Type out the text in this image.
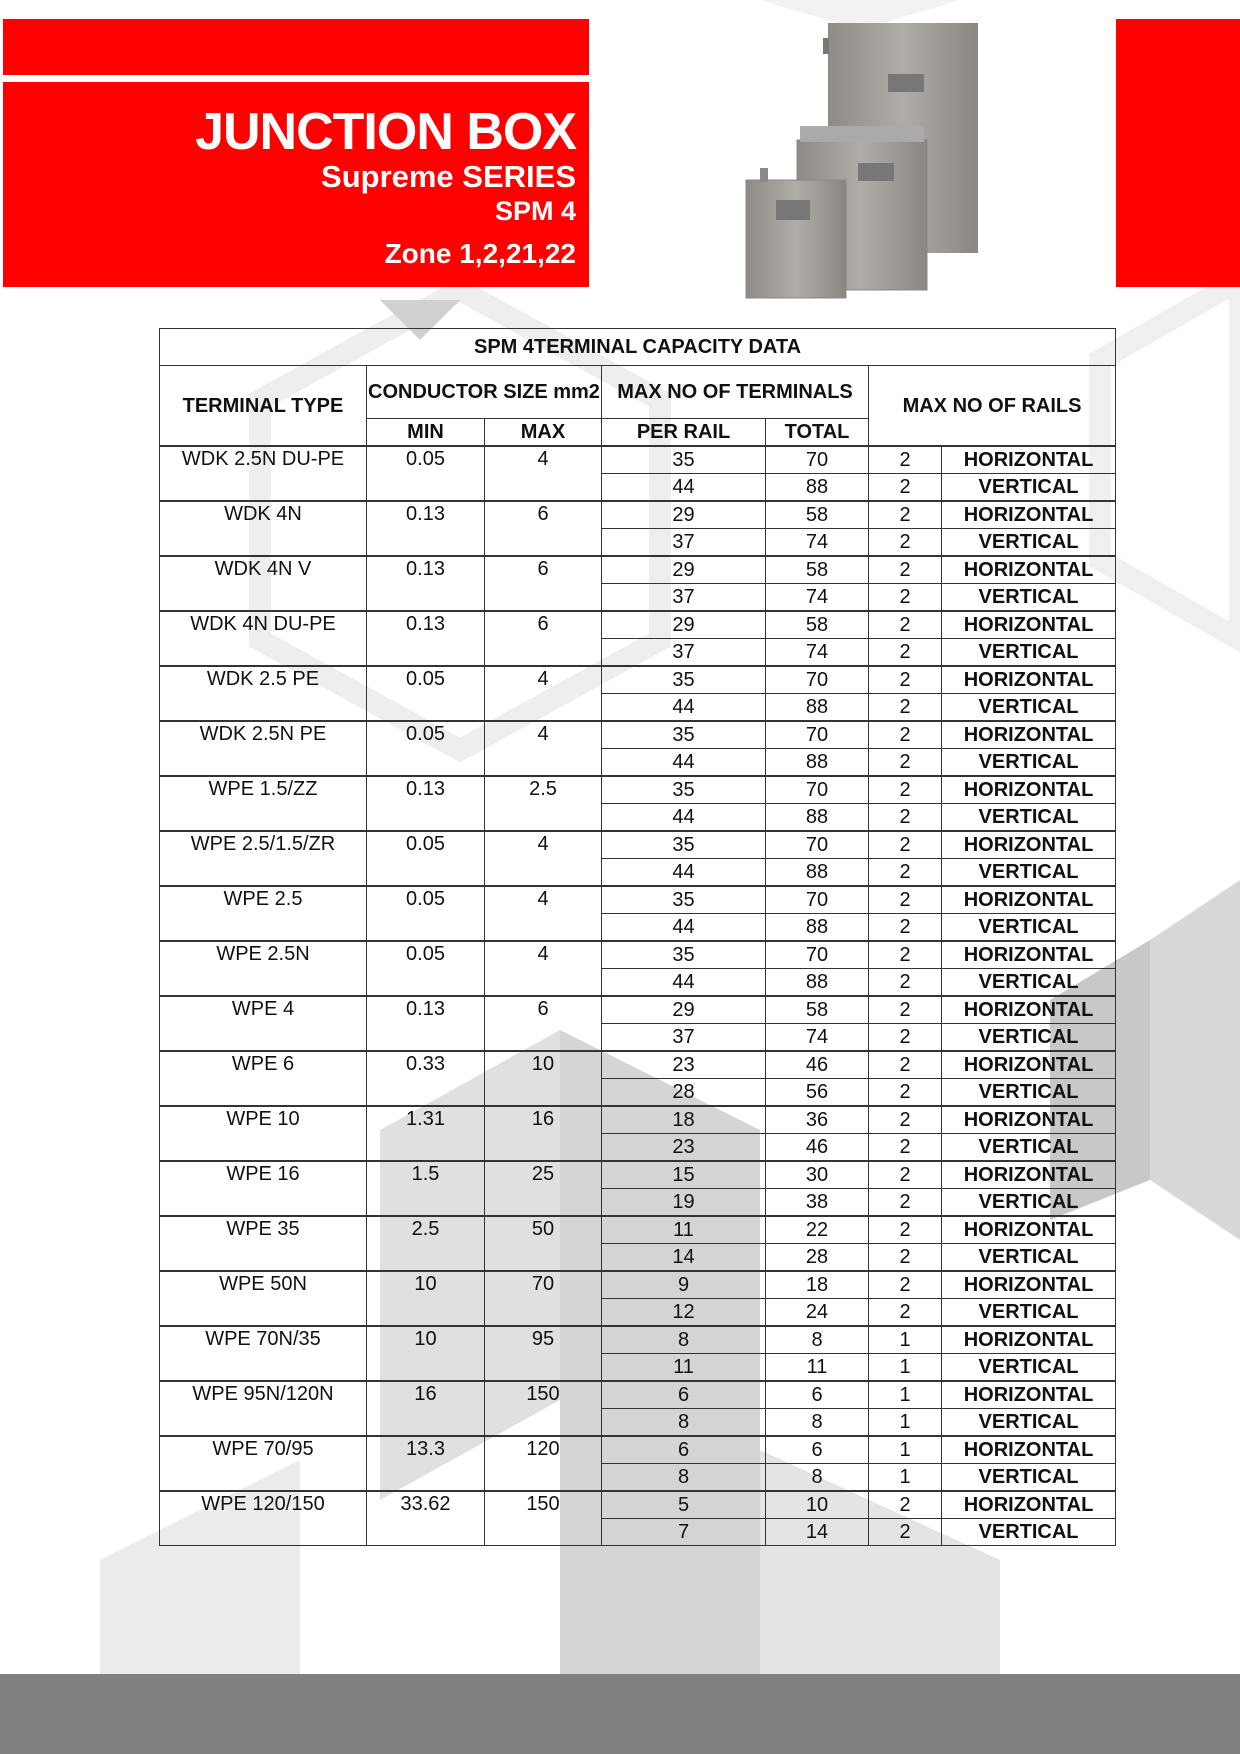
JUNCTION BOX
Supreme SERIES
SPM 4
Zone 1,2,21,22
SPM 4TERMINAL CAPACITY DATA						
TERMINAL TYPE	CONDUCTOR SIZE mm2		MAX NO OF TERMINALS		MAX NO OF RAILS	
	MIN	MAX	PER RAIL	TOTAL		
WDK 2.5N DU-PE	0.05	4	35	70	2	HORIZONTAL
			44	88	2	VERTICAL
WDK 4N	0.13	6	29	58	2	HORIZONTAL
			37	74	2	VERTICAL
WDK 4N V	0.13	6	29	58	2	HORIZONTAL
			37	74	2	VERTICAL
WDK 4N DU-PE	0.13	6	29	58	2	HORIZONTAL
			37	74	2	VERTICAL
WDK 2.5 PE	0.05	4	35	70	2	HORIZONTAL
			44	88	2	VERTICAL
WDK 2.5N PE	0.05	4	35	70	2	HORIZONTAL
			44	88	2	VERTICAL
WPE 1.5/ZZ	0.13	2.5	35	70	2	HORIZONTAL
			44	88	2	VERTICAL
WPE 2.5/1.5/ZR	0.05	4	35	70	2	HORIZONTAL
			44	88	2	VERTICAL
WPE 2.5	0.05	4	35	70	2	HORIZONTAL
			44	88	2	VERTICAL
WPE 2.5N	0.05	4	35	70	2	HORIZONTAL
			44	88	2	VERTICAL
WPE 4	0.13	6	29	58	2	HORIZONTAL
			37	74	2	VERTICAL
WPE 6	0.33	10	23	46	2	HORIZONTAL
			28	56	2	VERTICAL
WPE 10	1.31	16	18	36	2	HORIZONTAL
			23	46	2	VERTICAL
WPE 16	1.5	25	15	30	2	HORIZONTAL
			19	38	2	VERTICAL
WPE 35	2.5	50	11	22	2	HORIZONTAL
			14	28	2	VERTICAL
WPE 50N	10	70	9	18	2	HORIZONTAL
			12	24	2	VERTICAL
WPE 70N/35	10	95	8	8	1	HORIZONTAL
			11	11	1	VERTICAL
WPE 95N/120N	16	150	6	6	1	HORIZONTAL
			8	8	1	VERTICAL
WPE 70/95	13.3	120	6	6	1	HORIZONTAL
			8	8	1	VERTICAL
WPE 120/150	33.62	150	5	10	2	HORIZONTAL
			7	14	2	VERTICAL
